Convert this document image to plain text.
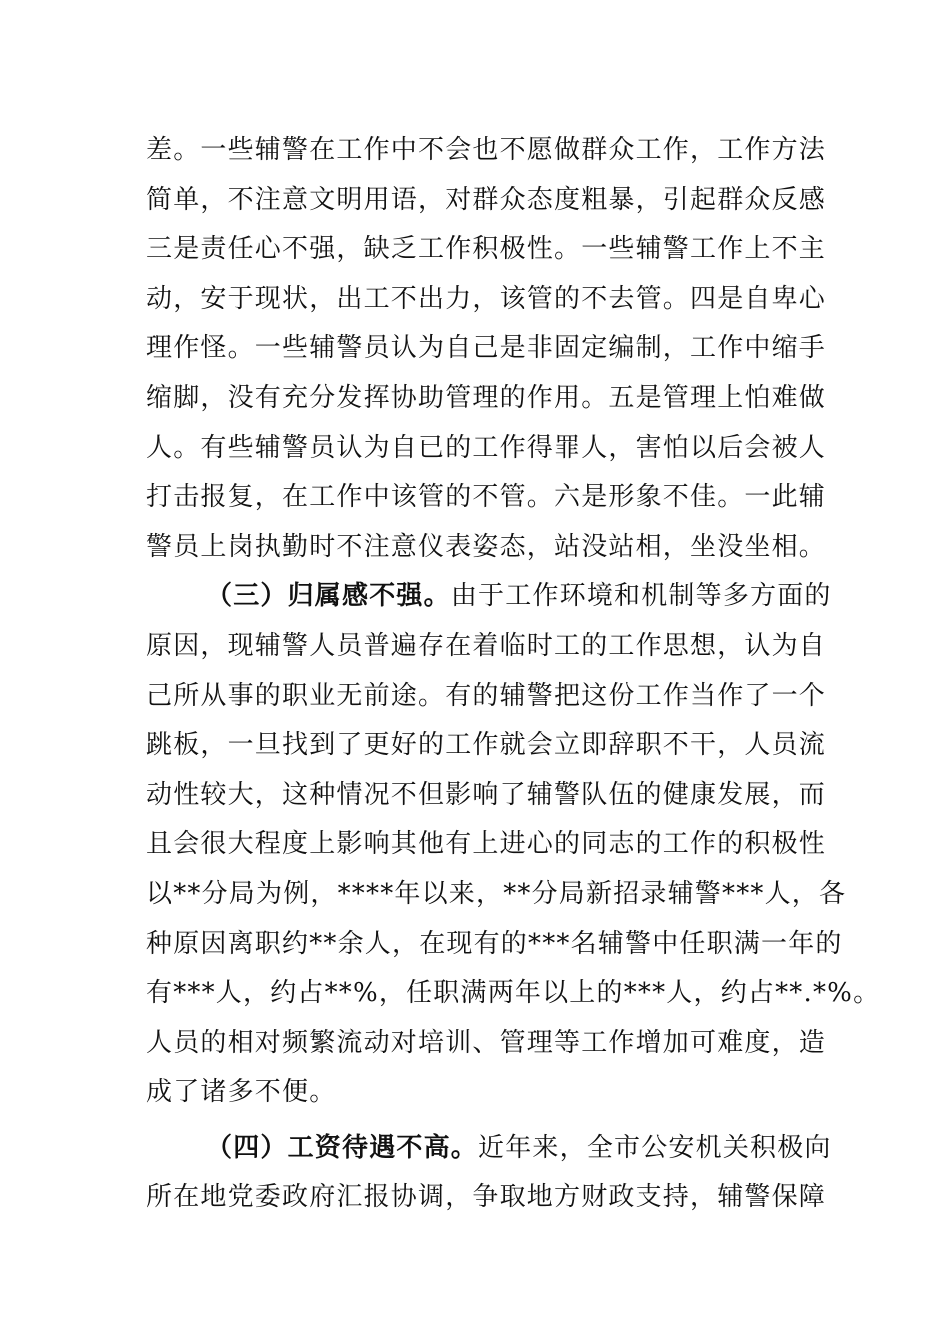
差。一些辅警在工作中不会也不愿做群众工作，工作方法
简单，不注意文明用语，对群众态度粗暴，引起群众反感
三是责任心不强，缺乏工作积极性。一些辅警工作上不主
动，安于现状，出工不出力，该管的不去管。四是自卑心
理作怪。一些辅警员认为自己是非固定编制，工作中缩手
缩脚，没有充分发挥协助管理的作用。五是管理上怕难做
人。有些辅警员认为自已的工作得罪人，害怕以后会被人
打击报复，在工作中该管的不管。六是形象不佳。一此辅
警员上岗执勤时不注意仪表姿态，站没站相，坐没坐相。
（三）归属感不强。由于工作环境和机制等多方面的
原因，现辅警人员普遍存在着临时工的工作思想，认为自
己所从事的职业无前途。有的辅警把这份工作当作了一个
跳板，一旦找到了更好的工作就会立即辞职不干，人员流
动性较大，这种情况不但影响了辅警队伍的健康发展，而
且会很大程度上影响其他有上进心的同志的工作的积极性
以**分局为例，****年以来，**分局新招录辅警***人，各
种原因离职约**余人，在现有的***名辅警中任职满一年的
有***人，约占**%，任职满两年以上的***人，约占**.*%。
人员的相对频繁流动对培训、管理等工作增加可难度，造
成了诸多不便。
（四）工资待遇不高。近年来，全市公安机关积极向
所在地党委政府汇报协调，争取地方财政支持，辅警保障
